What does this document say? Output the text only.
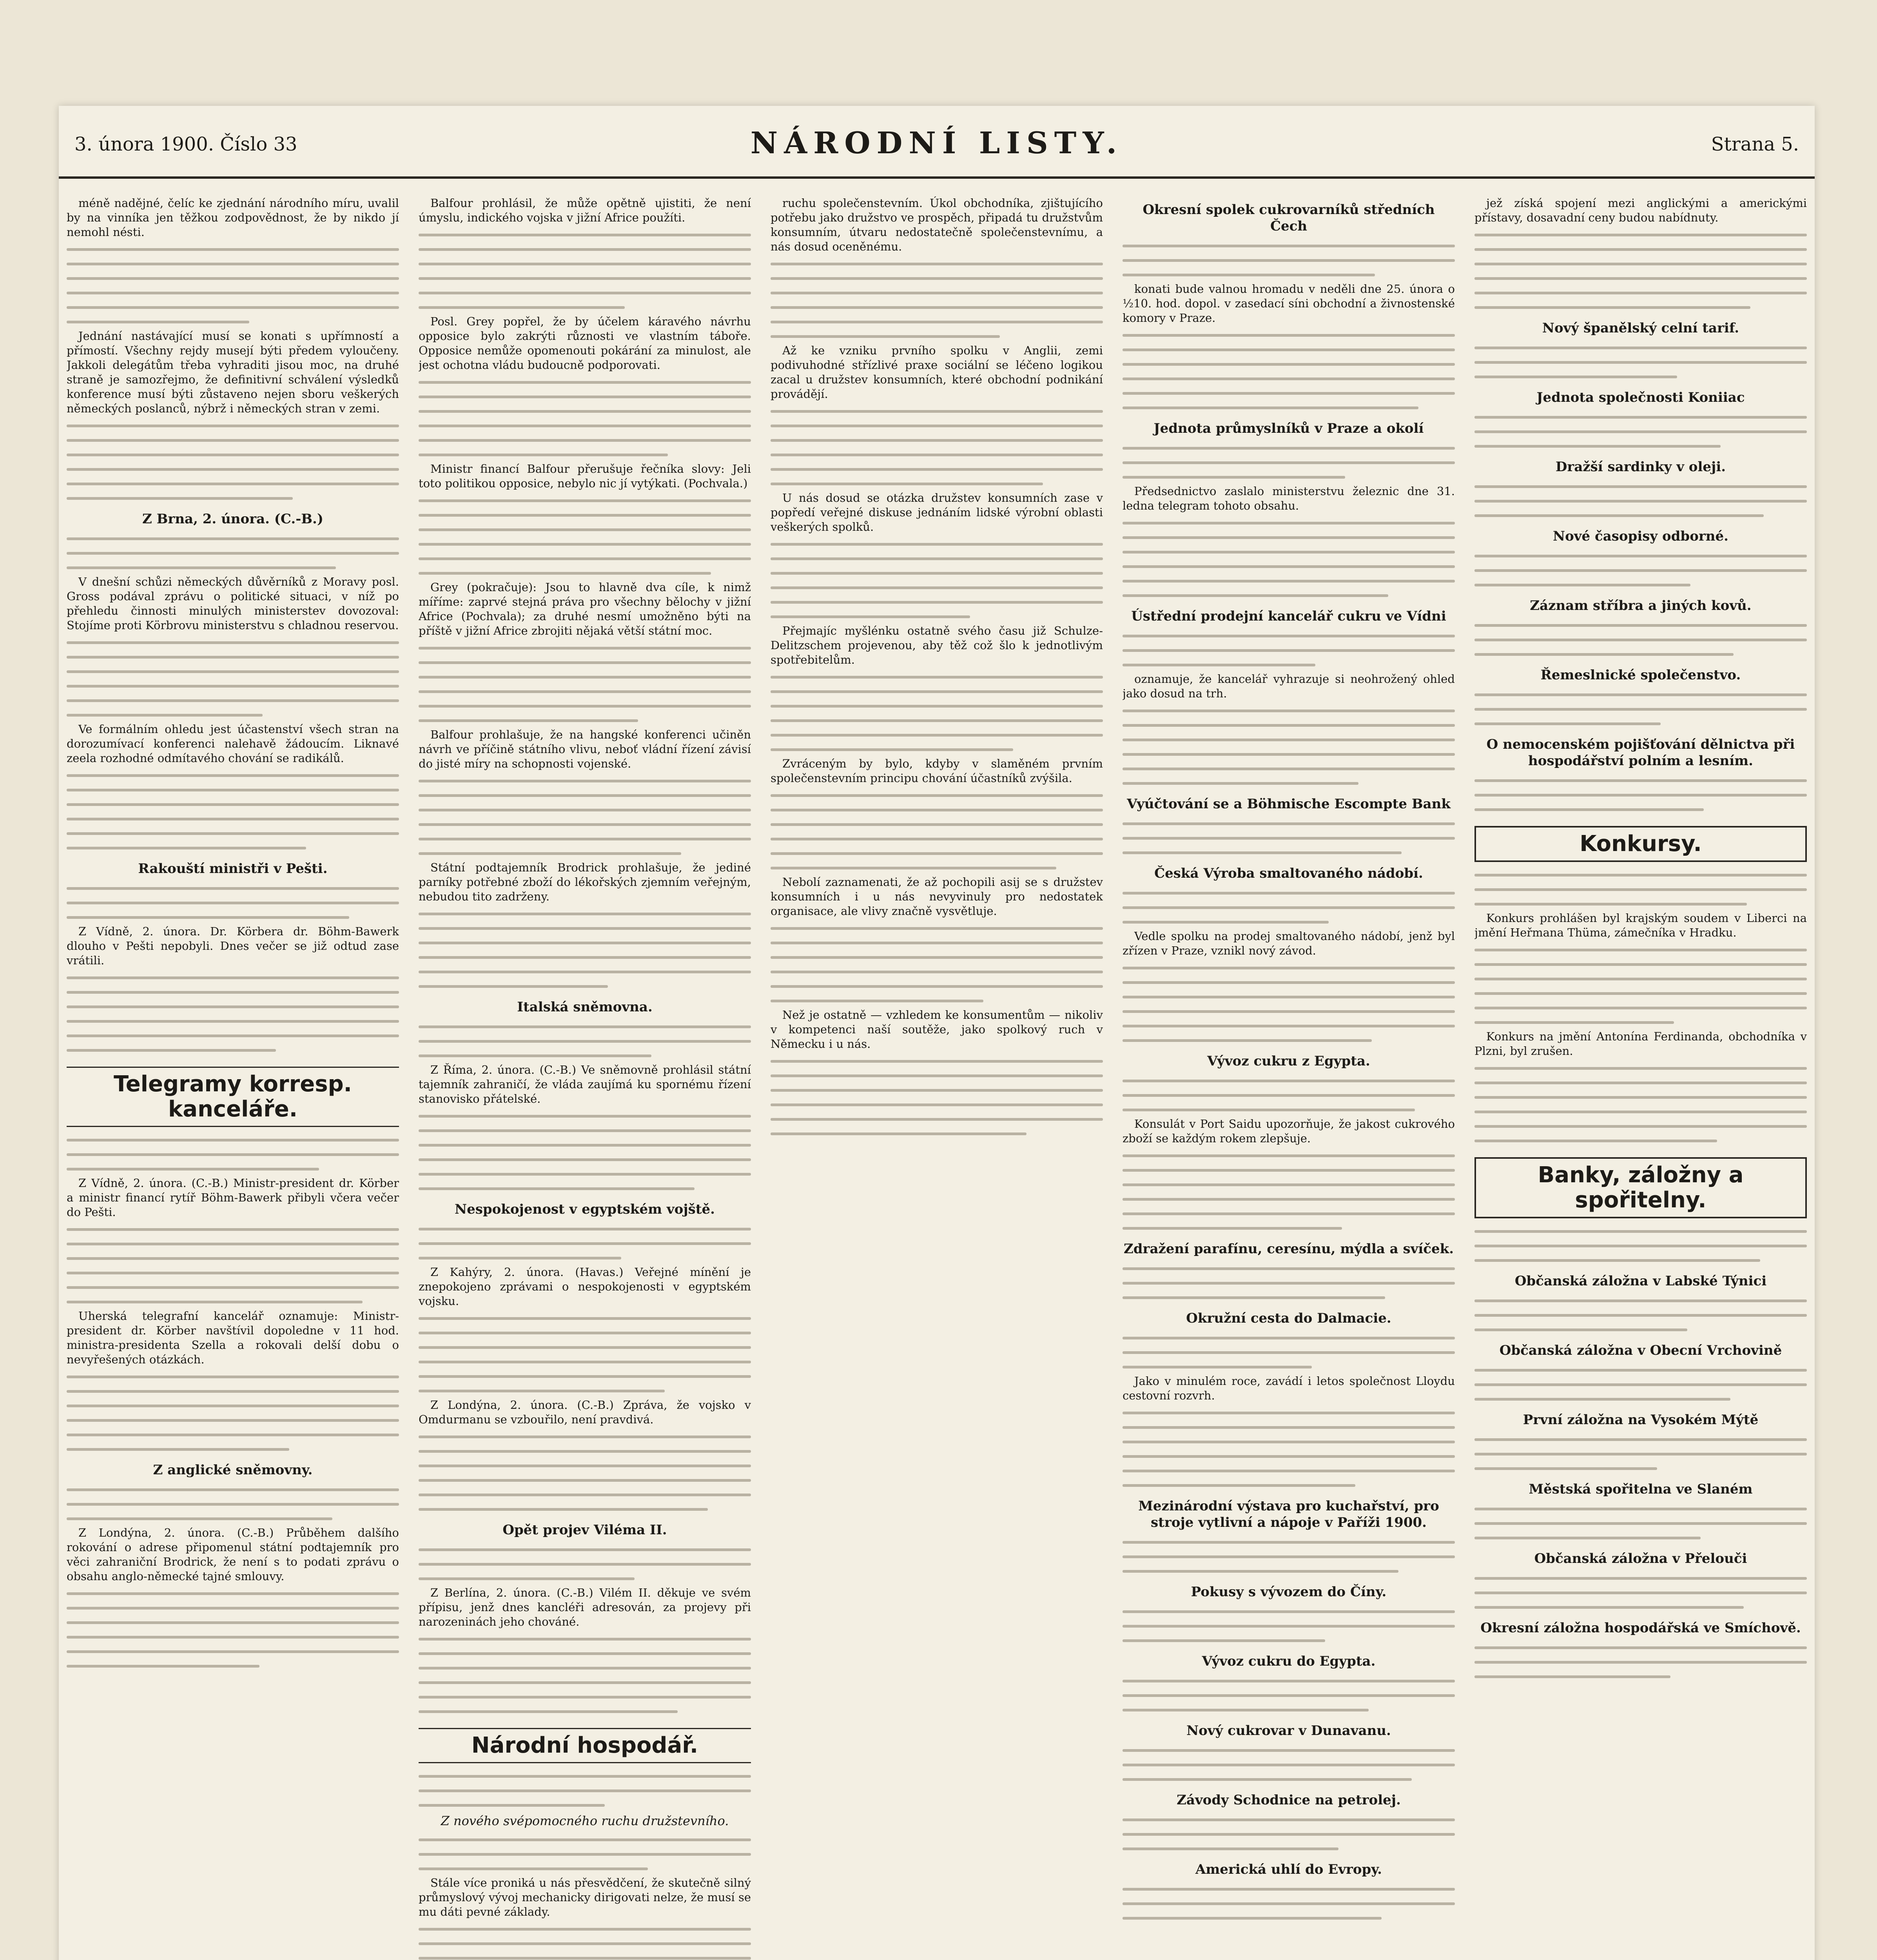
3. února 1900. Číslo 33	NÁRODNÍ LISTY.	Strana 5.

méně nadějné, čelíc ke zjednání národního míru, uvalil by na vinníka jen těžkou zodpovědnost, že by nikdo jí nemohl nésti.

Jednání nastávající musí se konati s upřímností a přímostí. Všechny rejdy musejí býti předem vyloučeny. Jakkoli delegátům třeba vyhraditi jisou moc, na druhé straně je samozřejmo, že definitivní schválení výsledků konference musí býti zůstaveno nejen sboru veškerých německých poslanců, nýbrž i německých stran v zemi.

Z Brna, 2. února. (C.-B.)

V dnešní schůzi německých důvěrníků z Moravy posl. Gross podával zprávu o politické situaci, v níž po přehledu činnosti minulých ministerstev dovozoval: Stojíme proti Körbrovu ministerstvu s chladnou reservou.

Ve formálním ohledu jest účastenství všech stran na dorozumívací konferenci nalehavě žádoucím. Liknavé zeela rozhodné odmítavého chování se radikálů.

Rakouští ministři v Pešti.

Z Vídně, 2. února. Dr. Körbera dr. Böhm-Bawerk dlouho v Pešti nepobyli. Dnes večer se již odtud zase vrátili.

Telegramy korresp. kanceláře.

Z Vídně, 2. února. (C.-B.) Ministr-president dr. Körber a ministr financí rytíř Böhm-Bawerk přibyli včera večer do Pešti.

Uherská telegrafní kancelář oznamuje: Ministr-president dr. Körber navštívil dopoledne v 11 hod. ministra-presidenta Szella a rokovali delší dobu o nevyřešených otázkách.

Z anglické sněmovny.

Z Londýna, 2. února. (C.-B.) Průběhem dalšího rokování o adrese připomenul státní podtajemník pro věci zahraniční Brodrick, že není s to podati zprávu o obsahu anglo-německé tajné smlouvy.

Balfour prohlásil, že může opětně ujistiti, že není úmyslu, indického vojska v jižní Africe použíti.

Posl. Grey popřel, že by účelem káravého návrhu opposice bylo zakrýti různosti ve vlastním táboře. Opposice nemůže opomenouti pokárání za minulost, ale jest ochotna vládu budoucně podporovati.

Ministr financí Balfour přerušuje řečníka slovy: Jeli toto politikou opposice, nebylo nic jí vytýkati. (Pochvala.)

Grey (pokračuje): Jsou to hlavně dva cíle, k nimž míříme: zaprvé stejná práva pro všechny bělochy v jižní Africe (Pochvala); za druhé nesmí umožněno býti na příště v jižní Africe zbrojiti nějaká větší státní moc.

Balfour prohlašuje, že na hangské konferenci učiněn návrh ve příčině státního vlivu, neboť vládní řízení závisí do jisté míry na schopnosti vojenské.

Státní podtajemník Brodrick prohlašuje, že jediné parníky potřebné zboží do lékořských zjemním veřejným, nebudou tito zadrženy.

Italská sněmovna.

Z Říma, 2. února. (C.-B.) Ve sněmovně prohlásil státní tajemník zahraničí, že vláda zaujímá ku spornému řízení stanovisko přátelské.

Nespokojenost v egyptském vojště.

Z Kahýry, 2. února. (Havas.) Veřejné mínění je znepokojeno zprávami o nespokojenosti v egyptském vojsku.

Z Londýna, 2. února. (C.-B.) Zpráva, že vojsko v Omdurmanu se vzbouřilo, není pravdivá.

Opět projev Viléma II.

Z Berlína, 2. února. (C.-B.) Vilém II. děkuje ve svém přípisu, jenž dnes kancléři adresován, za projevy při narozeninách jeho chováné.

Národní hospodář.
Z nového svépomocného ruchu družstevního.

Stále více proniká u nás přesvědčení, že skutečně silný průmyslový vývoj mechanicky dirigovati nelze, že musí se mu dáti pevné základy.

ruchu společenstevním. Úkol obchodníka, zjištujícího potřebu jako družstvo ve prospěch, připadá tu družstvům konsumním, útvaru nedostatečně společenstevnímu, a nás dosud oceněnému.

Až ke vzniku prvního spolku v Anglii, zemi podivuhodné střízlivé praxe sociální se léčeno logikou zacal u družstev konsumních, které obchodní podnikání provádějí.

U nás dosud se otázka družstev konsumních zase v popředí veřejné diskuse jednáním lidské výrobní oblasti veškerých spolků.

Přejmajíc myšlénku ostatně svého času již Schulze-Delitzschem projevenou, aby těž což šlo k jednotlivým spotřebitelům.

Zvráceným by bylo, kdyby v slaměném prvním společenstevním principu chování účastníků zvýšila.

Nebolí zaznamenati, že až pochopili asij se s družstev konsumních i u nás nevyvinuly pro nedostatek organisace, ale vlivy značně vysvětluje.

Než je ostatně — vzhledem ke konsumentům — nikoliv v kompetenci naší soutěže, jako spolkový ruch v Německu i u nás.

Okresní spolek cukrovarníků středních Čech

konati bude valnou hromadu v neděli dne 25. února o ½10. hod. dopol. v zasedací síni obchodní a živnostenské komory v Praze.

Jednota průmyslníků v Praze a okolí

Předsednictvo zaslalo ministerstvu železnic dne 31. ledna telegram tohoto obsahu.

Ústřední prodejní kancelář cukru ve Vídni

oznamuje, že kancelář vyhrazuje si neohrožený ohled jako dosud na trh.

Vyúčtování se a Böhmische Escompte Bank
Česká Výroba smaltovaného nádobí.

Vedle spolku na prodej smaltovaného nádobí, jenž byl zřízen v Praze, vznikl nový závod.

Vývoz cukru z Egypta.

Konsulát v Port Saidu upozorňuje, že jakost cukrového zboží se každým rokem zlepšuje.

Zdražení parafínu, ceresínu, mýdla a svíček.
Okružní cesta do Dalmacie.

Jako v minulém roce, zavádí i letos společnost Lloydu cestovní rozvrh.

Mezinárodní výstava pro kuchařství, pro stroje vytlivní a nápoje v Paříži 1900.
Pokusy s vývozem do Číny.
Vývoz cukru do Egypta.
Nový cukrovar v Dunavanu.
Závody Schodnice na petrolej.
Americká uhlí do Evropy.

jež získá spojení mezi anglickými a americkými přístavy, dosavadní ceny budou nabídnuty.

Nový španělský celní tarif.
Jednota společnosti Koniiac
Dražší sardinky v oleji.
Nové časopisy odborné.
Záznam stříbra a jiných kovů.
Řemeslnické společenstvo.
O nemocenském pojišťování dělnictva při hospodářství polním a lesním.
Konkursy.

Konkurs prohlášen byl krajským soudem v Liberci na jmění Heřmana Thüma, zámečníka v Hradku.

Konkurs na jmění Antonína Ferdinanda, obchodníka v Plzni, byl zrušen.

Banky, záložny a spořitelny.
Občanská záložna v Labské Týnici
Občanská záložna v Obecní Vrchovině
První záložna na Vysokém Mýtě
Městská spořitelna ve Slaném
Občanská záložna v Přelouči
Okresní záložna hospodářská ve Smíchově.
